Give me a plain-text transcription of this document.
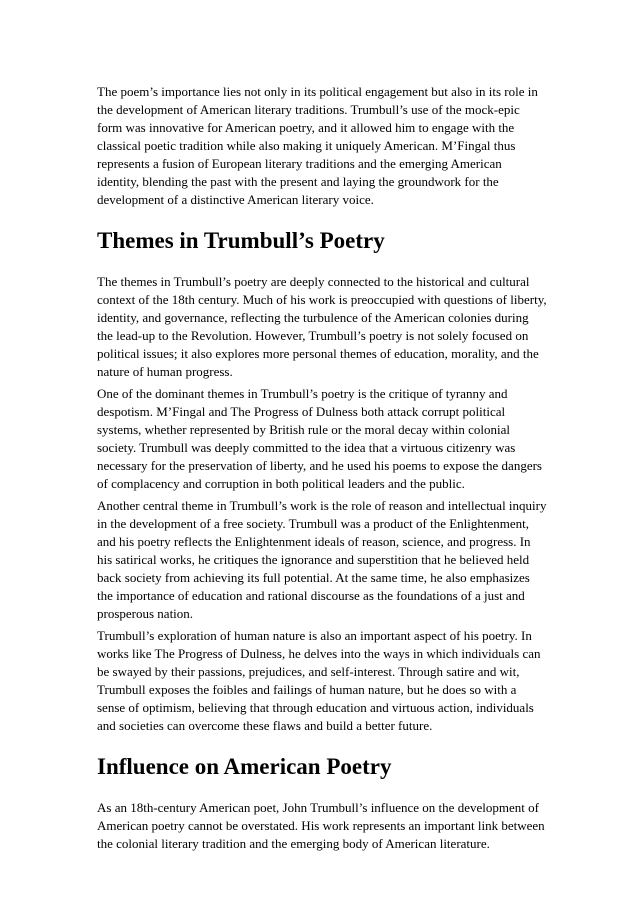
The poem’s importance lies not only in its political engagement but also in its role in the development of American literary traditions. Trumbull’s use of the mock-epic form was innovative for American poetry, and it allowed him to engage with the classical poetic tradition while also making it uniquely American. M’Fingal thus represents a fusion of European literary traditions and the emerging American identity, blending the past with the present and laying the groundwork for the development of a distinctive American literary voice.

Themes in Trumbull’s Poetry

The themes in Trumbull’s poetry are deeply connected to the historical and cultural context of the 18th century. Much of his work is preoccupied with questions of liberty, identity, and governance, reflecting the turbulence of the American colonies during the lead-up to the Revolution. However, Trumbull’s poetry is not solely focused on political issues; it also explores more personal themes of education, morality, and the nature of human progress.

One of the dominant themes in Trumbull’s poetry is the critique of tyranny and despotism. M’Fingal and The Progress of Dulness both attack corrupt political systems, whether represented by British rule or the moral decay within colonial society. Trumbull was deeply committed to the idea that a virtuous citizenry was necessary for the preservation of liberty, and he used his poems to expose the dangers of complacency and corruption in both political leaders and the public.

Another central theme in Trumbull’s work is the role of reason and intellectual inquiry in the development of a free society. Trumbull was a product of the Enlightenment, and his poetry reflects the Enlightenment ideals of reason, science, and progress. In his satirical works, he critiques the ignorance and superstition that he believed held back society from achieving its full potential. At the same time, he also emphasizes the importance of education and rational discourse as the foundations of a just and prosperous nation.

Trumbull’s exploration of human nature is also an important aspect of his poetry. In works like The Progress of Dulness, he delves into the ways in which individuals can be swayed by their passions, prejudices, and self-interest. Through satire and wit, Trumbull exposes the foibles and failings of human nature, but he does so with a sense of optimism, believing that through education and virtuous action, individuals and societies can overcome these flaws and build a better future.

Influence on American Poetry

As an 18th-century American poet, John Trumbull’s influence on the development of American poetry cannot be overstated. His work represents an important link between the colonial literary tradition and the emerging body of American literature.
